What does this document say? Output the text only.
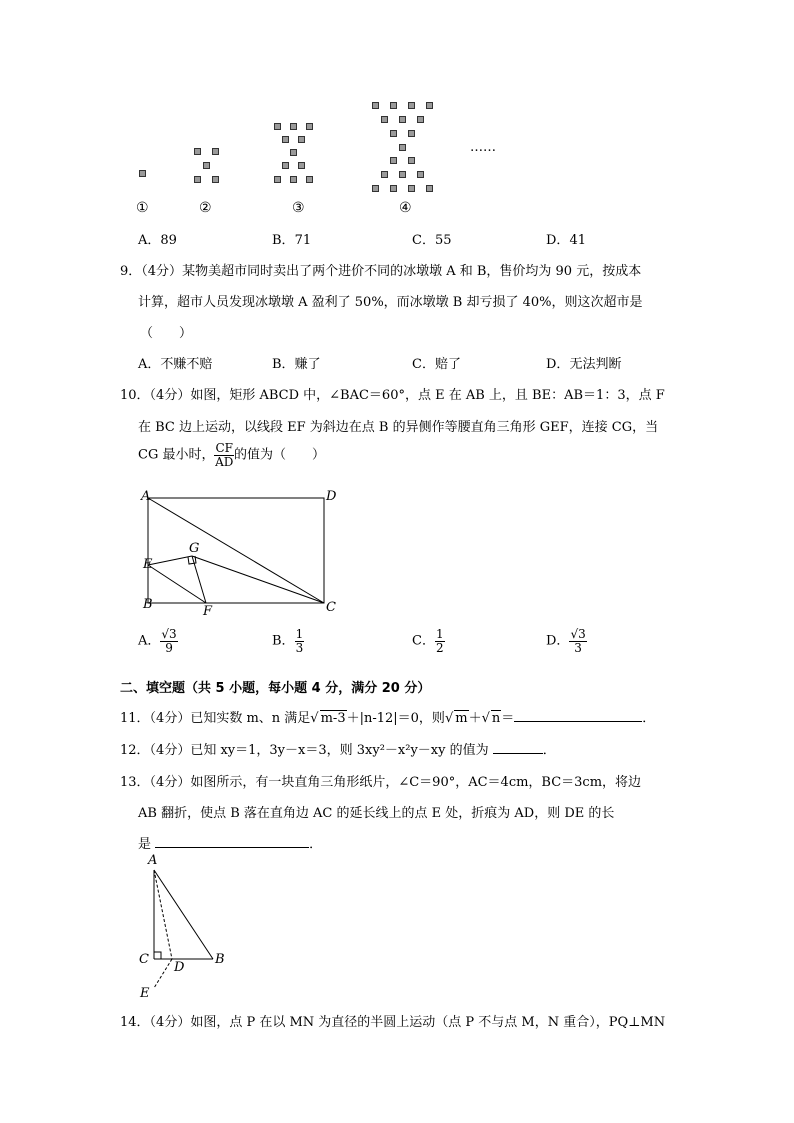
……
①	②	③	④
A．89	B．71	C．55	D．41
9．（4分）某物美超市同时卖出了两个进价不同的冰墩墩 A 和 B，售价均为 90 元，按成本
计算，超市人员发现冰墩墩 A 盈利了 50%，而冰墩墩 B 却亏损了 40%，则这次超市是
（　　）
A．不赚不赔	B．赚了	C．赔了	D．无法判断
10．（4分）如图，矩形 ABCD 中，∠BAC＝60°，点 E 在 AB 上，且 BE：AB＝1：3，点 F
在 BC 边上运动，以线段 EF 为斜边在点 B 的异侧作等腰直角三角形 GEF，连接 CG，当
CG 最小时， $\frac{CF}{AD}$ 的值为（　　）
A	D
E
G
B	F	C
A． $\frac{√3}{9}$	B． $\frac{1}{3}$	C． $\frac{1}{2}$	D． $\frac{√3}{3}$
二、填空题（共 5 小题，每小题 4 分，满分 20 分）
11．（4分）已知实数 m、n 满足√ m-3＋|n-12|＝0，则√ m＋√ n＝	．
12．（4分）已知 xy＝1，3y－x＝3，则 3xy²－x²y－xy 的值为	．
13．（4分）如图所示，有一块直角三角形纸片，∠C＝90°，AC＝4cm，BC＝3cm，将边
AB 翻折，使点 B 落在直角边 AC 的延长线上的点 E 处，折痕为 AD，则 DE 的长
是	．
A
C
D
B
E
14．（4分）如图，点 P 在以 MN 为直径的半圆上运动（点 P 不与点 M，N 重合），PQ⊥MN
